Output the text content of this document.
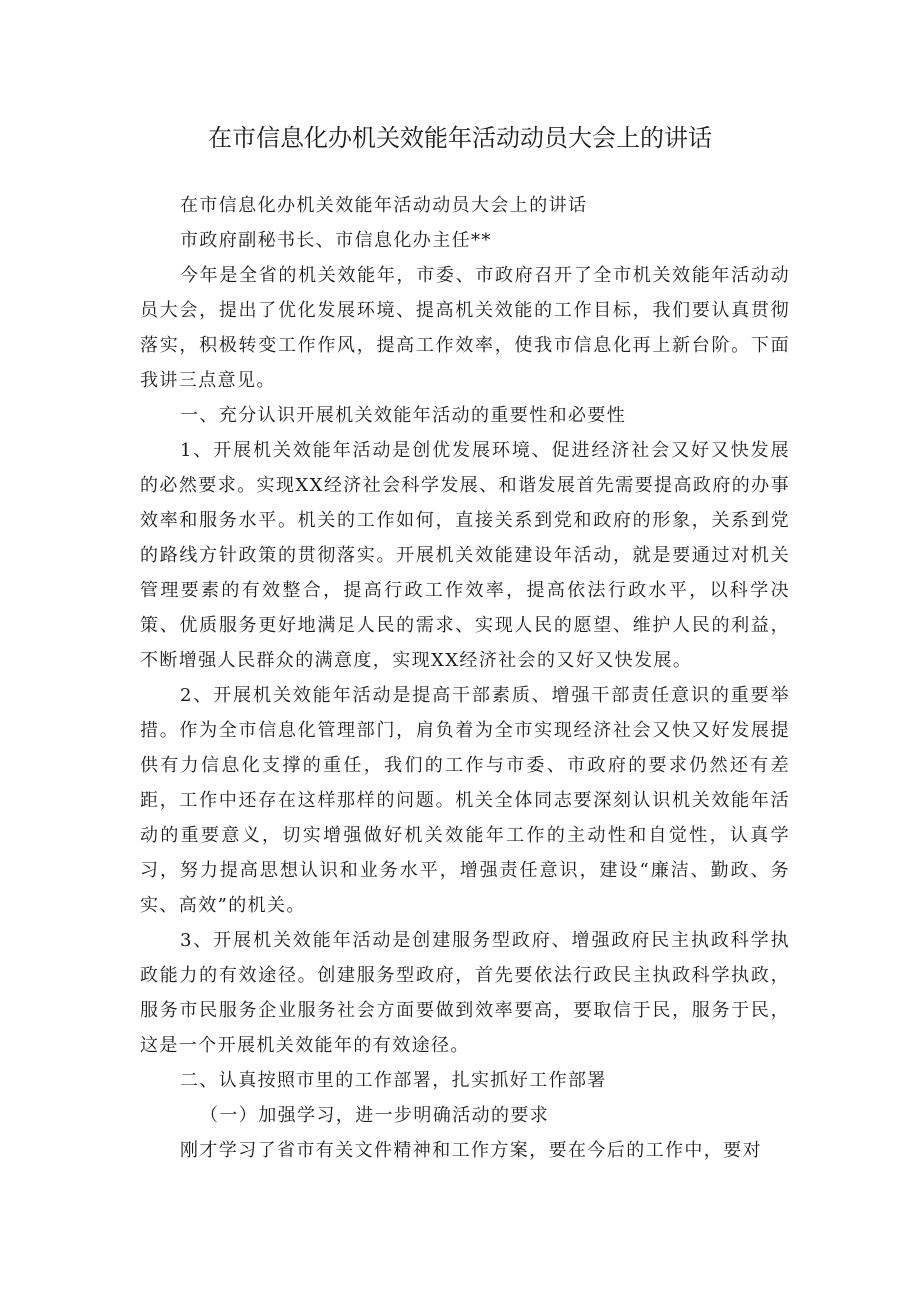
在市信息化办机关效能年活动动员大会上的讲话

在市信息化办机关效能年活动动员大会上的讲话

市政府副秘书长、市信息化办主任**

今年是全省的机关效能年，市委、市政府召开了全市机关效能年活动动员大会，提出了优化发展环境、提高机关效能的工作目标，我们要认真贯彻落实，积极转变工作作风，提高工作效率，使我市信息化再上新台阶。下面我讲三点意见。

一、充分认识开展机关效能年活动的重要性和必要性

1、开展机关效能年活动是创优发展环境、促进经济社会又好又快发展的必然要求。实现XX经济社会科学发展、和谐发展首先需要提高政府的办事效率和服务水平。机关的工作如何，直接关系到党和政府的形象，关系到党的路线方针政策的贯彻落实。开展机关效能建设年活动，就是要通过对机关管理要素的有效整合，提高行政工作效率，提高依法行政水平，以科学决策、优质服务更好地满足人民的需求、实现人民的愿望、维护人民的利益，不断增强人民群众的满意度，实现XX经济社会的又好又快发展。

2、开展机关效能年活动是提高干部素质、增强干部责任意识的重要举措。作为全市信息化管理部门，肩负着为全市实现经济社会又快又好发展提供有力信息化支撑的重任，我们的工作与市委、市政府的要求仍然还有差距，工作中还存在这样那样的问题。机关全体同志要深刻认识机关效能年活动的重要意义，切实增强做好机关效能年工作的主动性和自觉性，认真学习，努力提高思想认识和业务水平，增强责任意识，建设“廉洁、勤政、务实、高效”的机关。

3、开展机关效能年活动是创建服务型政府、增强政府民主执政科学执政能力的有效途径。创建服务型政府，首先要依法行政民主执政科学执政，服务市民服务企业服务社会方面要做到效率要高，要取信于民，服务于民，这是一个开展机关效能年的有效途径。

二、认真按照市里的工作部署，扎实抓好工作部署

（一）加强学习，进一步明确活动的要求

刚才学习了省市有关文件精神和工作方案，要在今后的工作中，要对
